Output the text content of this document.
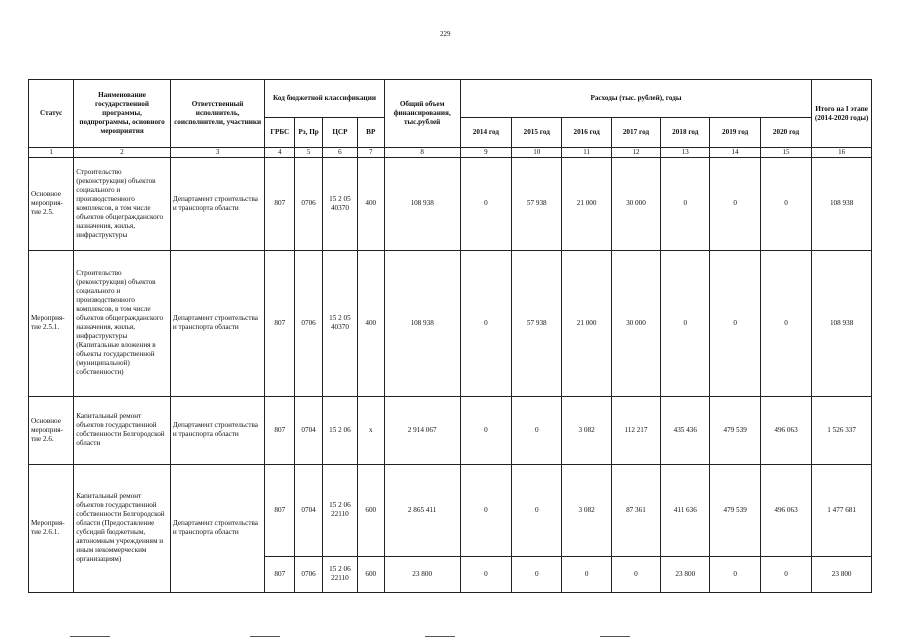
229
Статус	Наименование государственной программы, подпрограммы, основного мероприятия	Ответственный исполнитель, соисполнители, участники	Код бюджетной классификации				Общий объем финансирования, тыс.рублей	Расходы (тыс. рублей), годы							Итого на I этапе (2014-2020 годы)
			ГРБС	Рз, Пр	ЦСР	ВР		2014 год	2015 год	2016 год	2017 год	2018 год	2019 год	2020 год	
1	2	3	4	5	6	7	8	9	10	11	12	13	14	15	16
Основное мероприя-тие 2.5.	Строительство (реконструкция) объектов социального и производственного комплексов, в том числе объектов общегражданского назначения, жилья, инфраструктуры	Департамент строительства и транспорта области	807	0706	15 2 05 40370	400	108 938	0	57 938	21 000	30 000	0	0	0	108 938
Мероприя-тие 2.5.1.	Строительство (реконструкция) объектов социального и производственного комплексов, в том числе объектов общегражданского назначения, жилья, инфраструктуры (Капитальные вложения в объекты государственной (муниципальной) собственности)	Департамент строительства и транспорта области	807	0706	15 2 05 40370	400	108 938	0	57 938	21 000	30 000	0	0	0	108 938
Основное мероприя-тие 2.6.	Капитальный ремонт объектов государственной собственности Белгородской области	Департамент строительства и транспорта области	807	0704	15 2 06	х	2 914 067	0	0	3 082	112 217	435 436	479 539	496 063	1 526 337
Мероприя-тие 2.6.1.	Капитальный ремонт объектов государственной собственности Белгородской области (Предоставление субсидий бюджетным, автономным учреждениям и иным некоммерческим организациям)	Департамент строительства и транспорта области	807	0704	15 2 06 22110	600	2 865 411	0	0	3 082	87 361	411 636	479 539	496 063	1 477 681
			807	0706	15 2 06 22110	600	23 800	0	0	0	0	23 800	0	0	23 800
